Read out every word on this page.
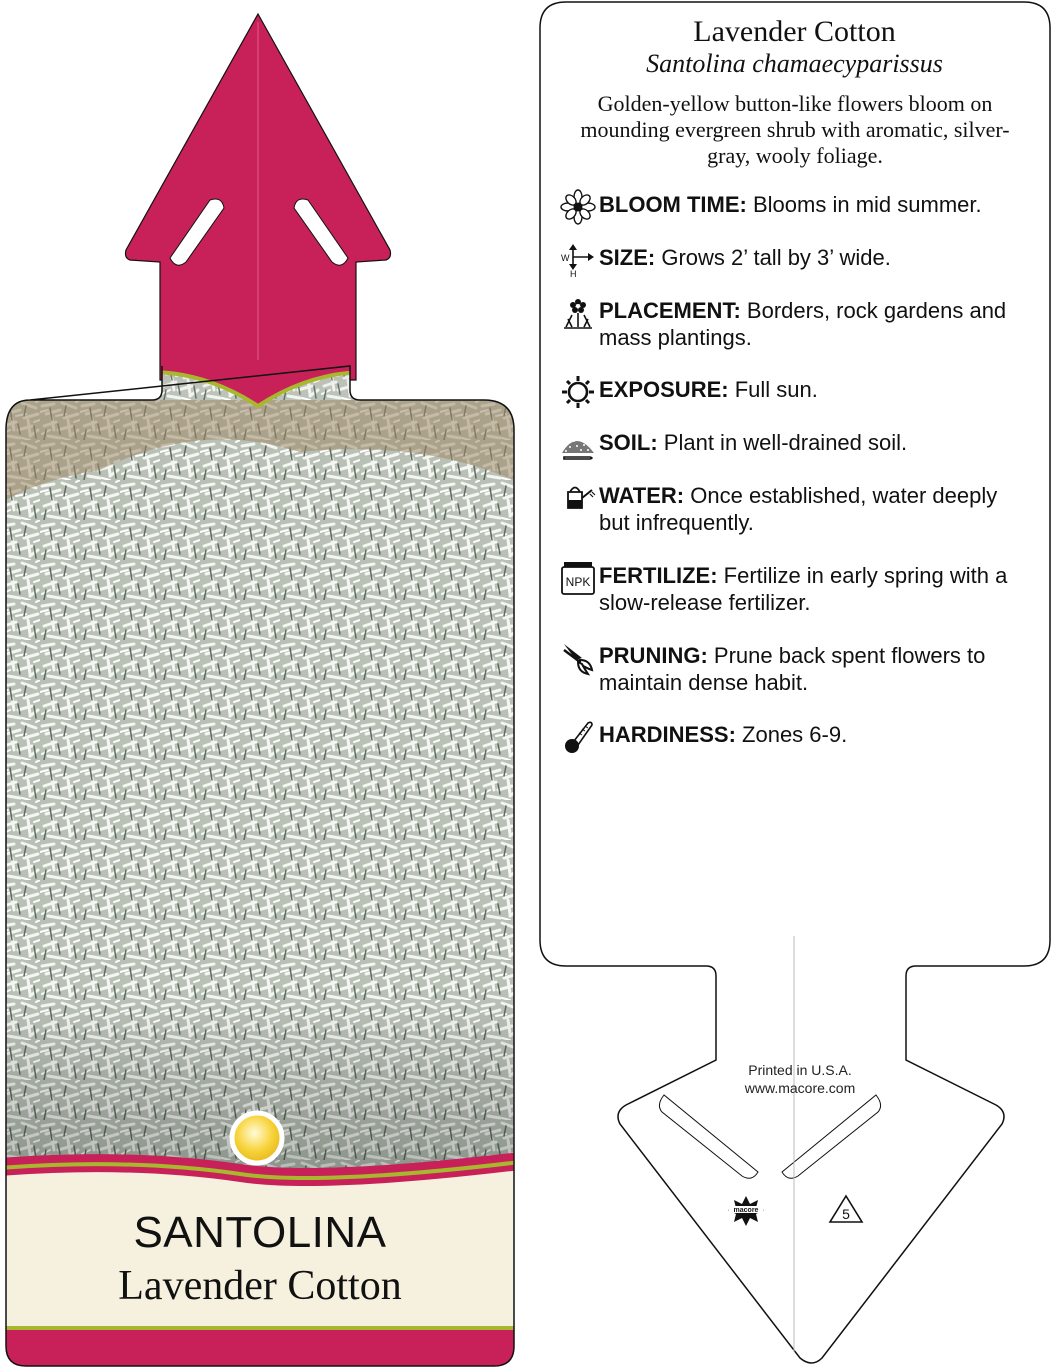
SANTOLINA
Lavender Cotton
macore	5
Lavender Cotton
Santolina chamaecyparissus
Golden-yellow button-like flowers bloom on mounding evergreen shrub with aromatic, silver-gray, wooly foliage.
BLOOM TIME: Blooms in mid summer.
W
H
SIZE: Grows 2’ tall by 3’ wide.
PLACEMENT: Borders, rock gardens and
mass plantings.
EXPOSURE: Full sun.
SOIL: Plant in well-drained soil.
WATER: Once established, water deeply
but infrequently.
NPK FERTILIZE: Fertilize in early spring with a
slow-release fertilizer.
PRUNING: Prune back spent flowers to
maintain dense habit.
HARDINESS: Zones 6-9.
Printed in U.S.A.
www.macore.com
